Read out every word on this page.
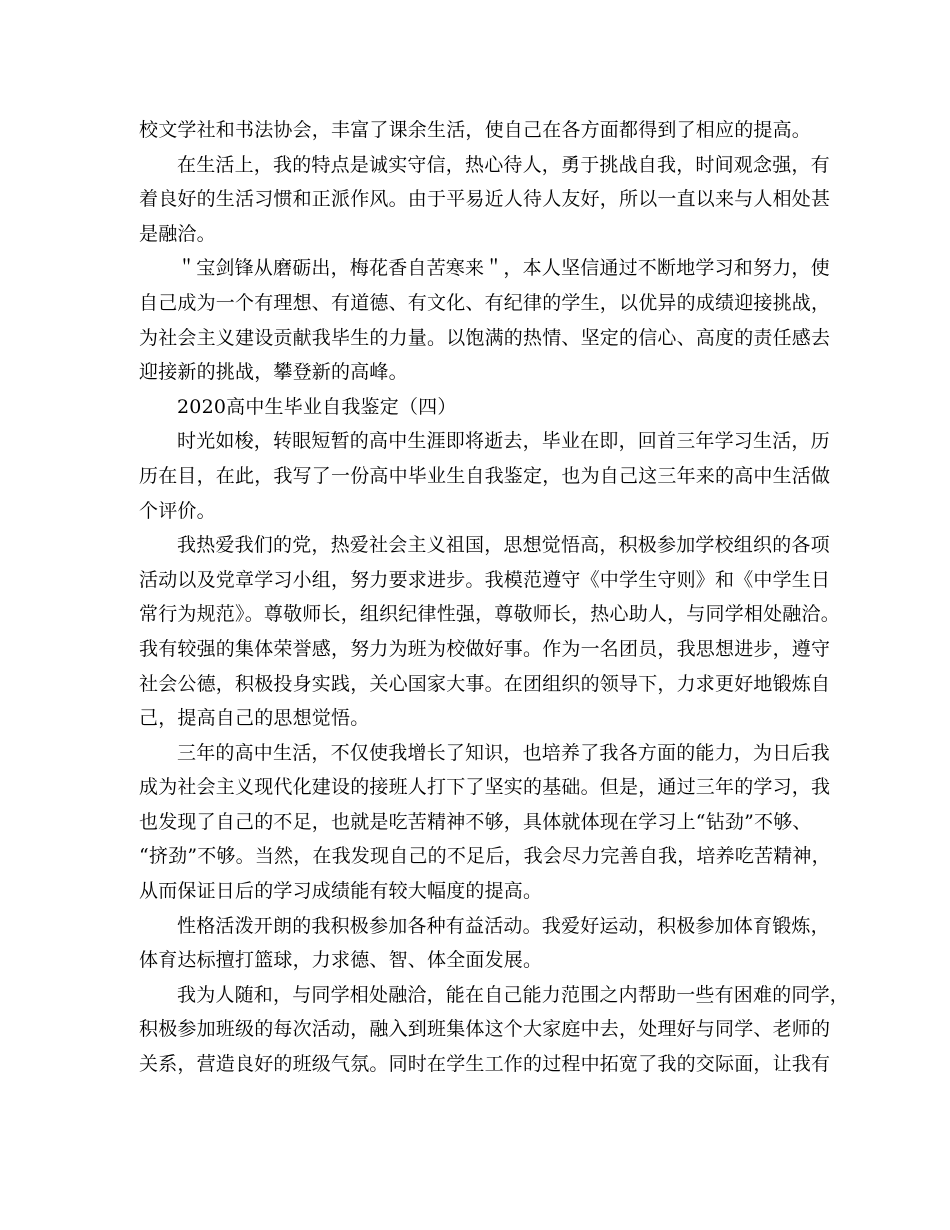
校文学社和书法协会，丰富了课余生活，使自己在各方面都得到了相应的提高。
在生活上，我的特点是诚实守信，热心待人，勇于挑战自我，时间观念强，有
着良好的生活习惯和正派作风。由于平易近人待人友好，所以一直以来与人相处甚
是融洽。
＂宝剑锋从磨砺出，梅花香自苦寒来＂，本人坚信通过不断地学习和努力，使
自己成为一个有理想、有道德、有文化、有纪律的学生，以优异的成绩迎接挑战，
为社会主义建设贡献我毕生的力量。以饱满的热情、坚定的信心、高度的责任感去
迎接新的挑战，攀登新的高峰。
2020高中生毕业自我鉴定（四）
时光如梭，转眼短暂的高中生涯即将逝去，毕业在即，回首三年学习生活，历
历在目，在此，我写了一份高中毕业生自我鉴定，也为自己这三年来的高中生活做
个评价。
我热爱我们的党，热爱社会主义祖国，思想觉悟高，积极参加学校组织的各项
活动以及党章学习小组，努力要求进步。我模范遵守《中学生守则》和《中学生日
常行为规范》。尊敬师长，组织纪律性强，尊敬师长，热心助人，与同学相处融洽。
我有较强的集体荣誉感，努力为班为校做好事。作为一名团员，我思想进步，遵守
社会公德，积极投身实践，关心国家大事。在团组织的领导下，力求更好地锻炼自
己，提高自己的思想觉悟。
三年的高中生活，不仅使我增长了知识，也培养了我各方面的能力，为日后我
成为社会主义现代化建设的接班人打下了坚实的基础。但是，通过三年的学习，我
也发现了自己的不足，也就是吃苦精神不够，具体就体现在学习上“钻劲”不够、
“挤劲”不够。当然，在我发现自己的不足后，我会尽力完善自我，培养吃苦精神，
从而保证日后的学习成绩能有较大幅度的提高。
性格活泼开朗的我积极参加各种有益活动。我爱好运动，积极参加体育锻炼，
体育达标擅打篮球，力求德、智、体全面发展。
我为人随和，与同学相处融洽，能在自己能力范围之内帮助一些有困难的同学，
积极参加班级的每次活动，融入到班集体这个大家庭中去，处理好与同学、老师的
关系，营造良好的班级气氛。同时在学生工作的过程中拓宽了我的交际面，让我有
